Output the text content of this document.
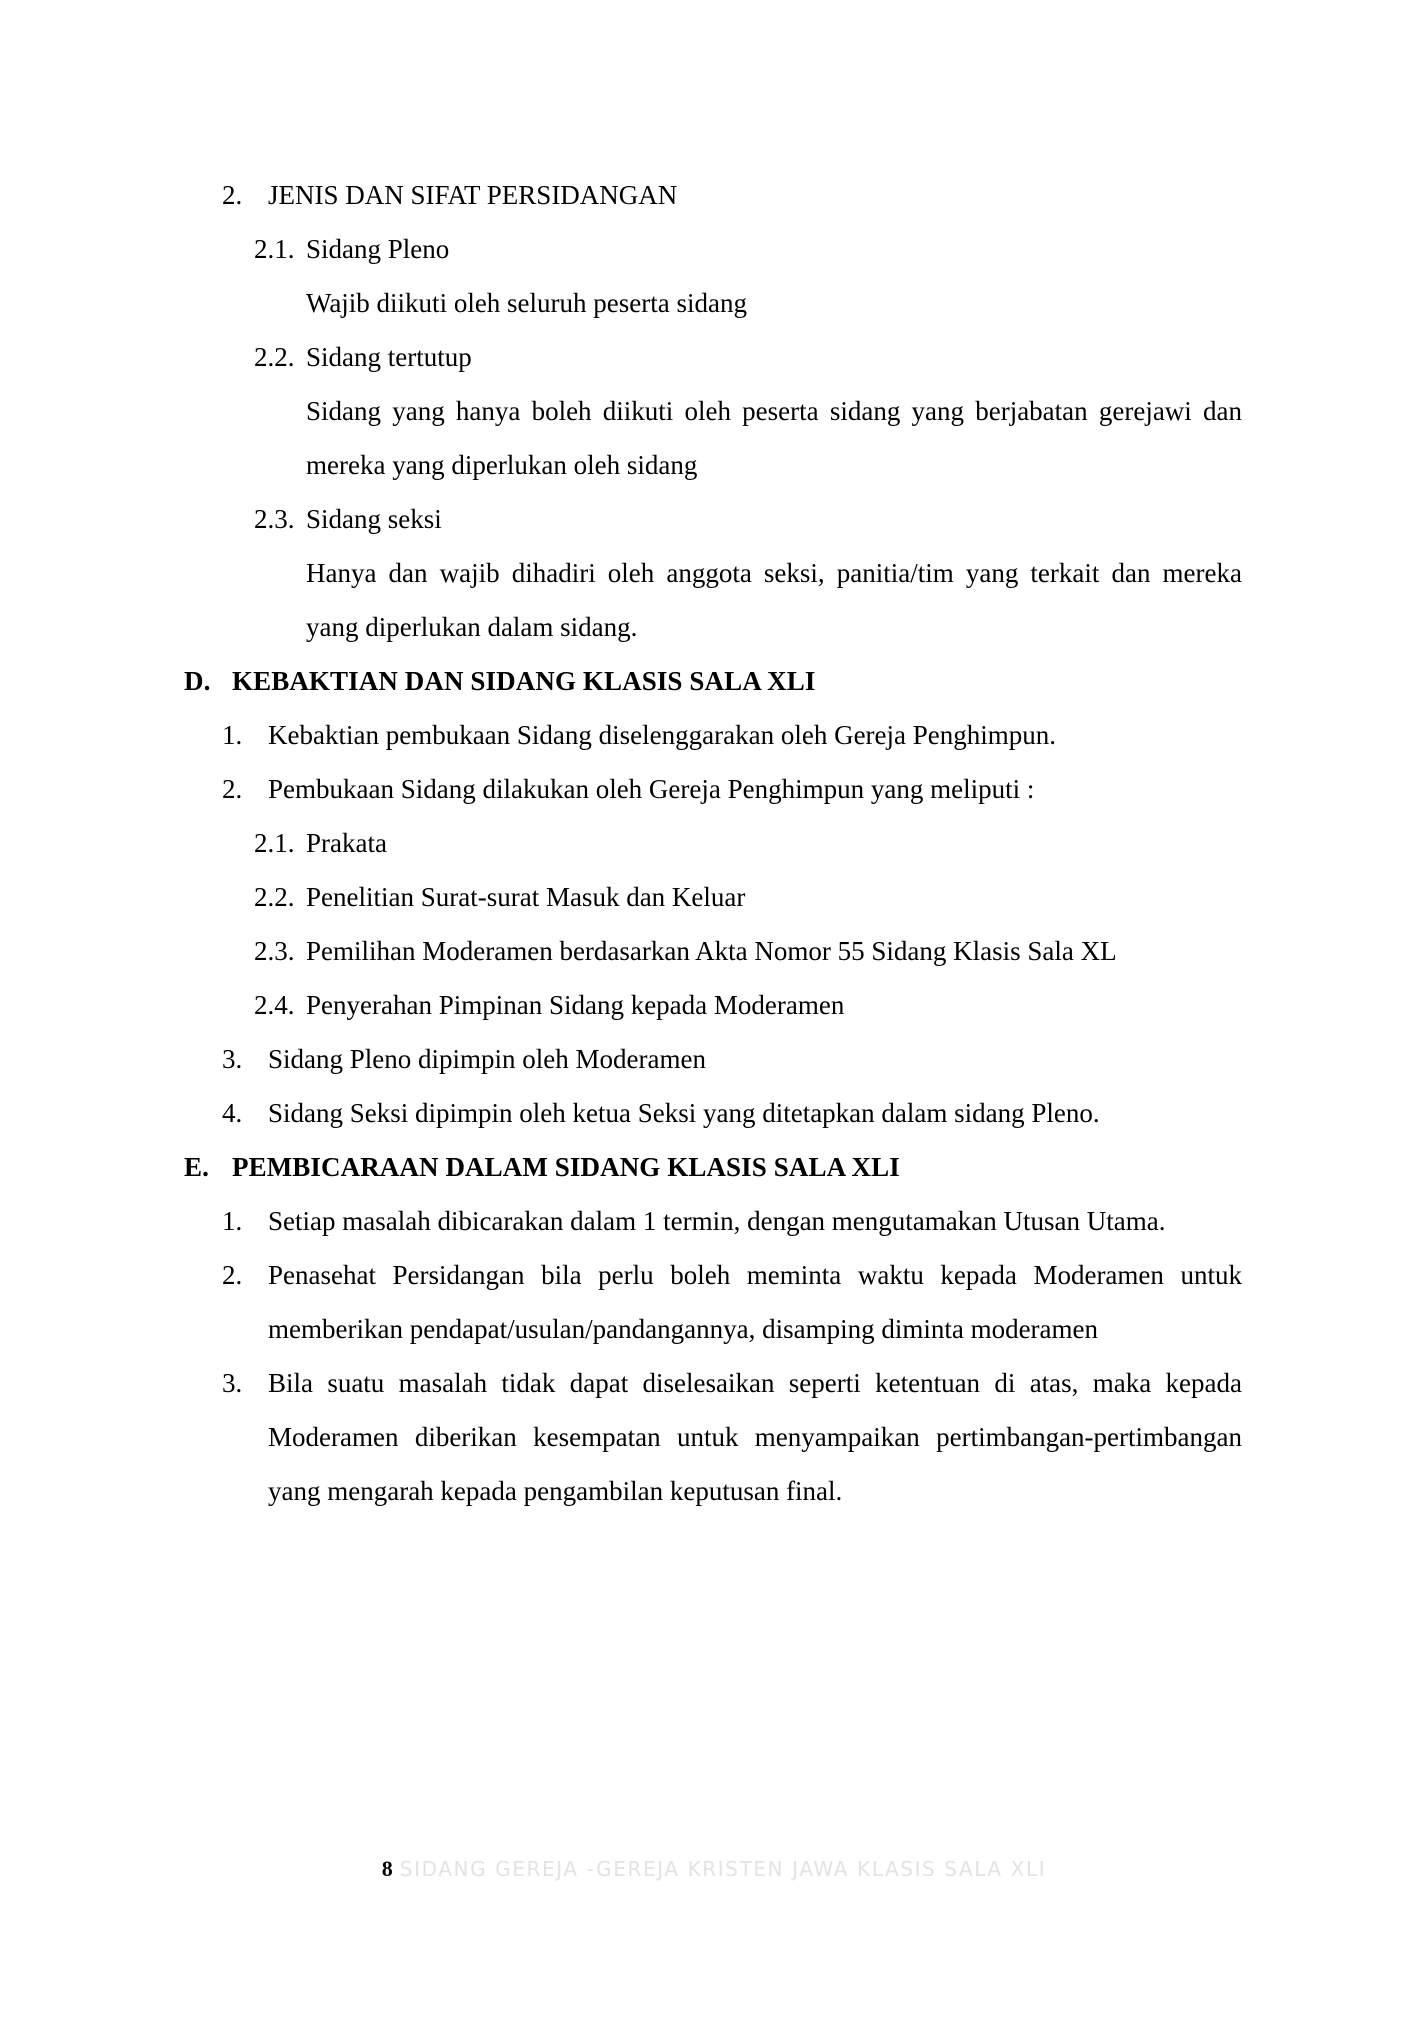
2. JENIS DAN SIFAT PERSIDANGAN
2.1. Sidang Pleno
Wajib diikuti oleh seluruh peserta sidang
2.2. Sidang tertutup
Sidang yang hanya boleh diikuti oleh peserta sidang yang berjabatan gerejawi dan mereka yang diperlukan oleh sidang
2.3. Sidang seksi
Hanya dan wajib dihadiri oleh anggota seksi, panitia/tim yang terkait dan mereka yang diperlukan dalam sidang.
D. KEBAKTIAN DAN SIDANG KLASIS SALA XLI
1. Kebaktian pembukaan Sidang diselenggarakan oleh Gereja Penghimpun.
2. Pembukaan Sidang dilakukan oleh Gereja Penghimpun yang meliputi :
2.1. Prakata
2.2. Penelitian Surat-surat Masuk dan Keluar
2.3. Pemilihan Moderamen berdasarkan Akta Nomor 55 Sidang Klasis Sala XL
2.4. Penyerahan Pimpinan Sidang kepada Moderamen
3. Sidang Pleno dipimpin oleh Moderamen
4. Sidang Seksi dipimpin oleh ketua Seksi yang ditetapkan dalam sidang Pleno.
E. PEMBICARAAN DALAM SIDANG KLASIS SALA XLI
1. Setiap masalah dibicarakan dalam 1 termin, dengan mengutamakan Utusan Utama.
2. Penasehat Persidangan bila perlu boleh meminta waktu kepada Moderamen untuk memberikan pendapat/usulan/pandangannya, disamping diminta moderamen
3. Bila suatu masalah tidak dapat diselesaikan seperti ketentuan di atas, maka kepada Moderamen diberikan kesempatan untuk menyampaikan pertimbangan-pertimbangan yang mengarah kepada pengambilan keputusan final.
8 SIDANG GEREJA -GEREJA KRISTEN JAWA KLASIS SALA XLI
